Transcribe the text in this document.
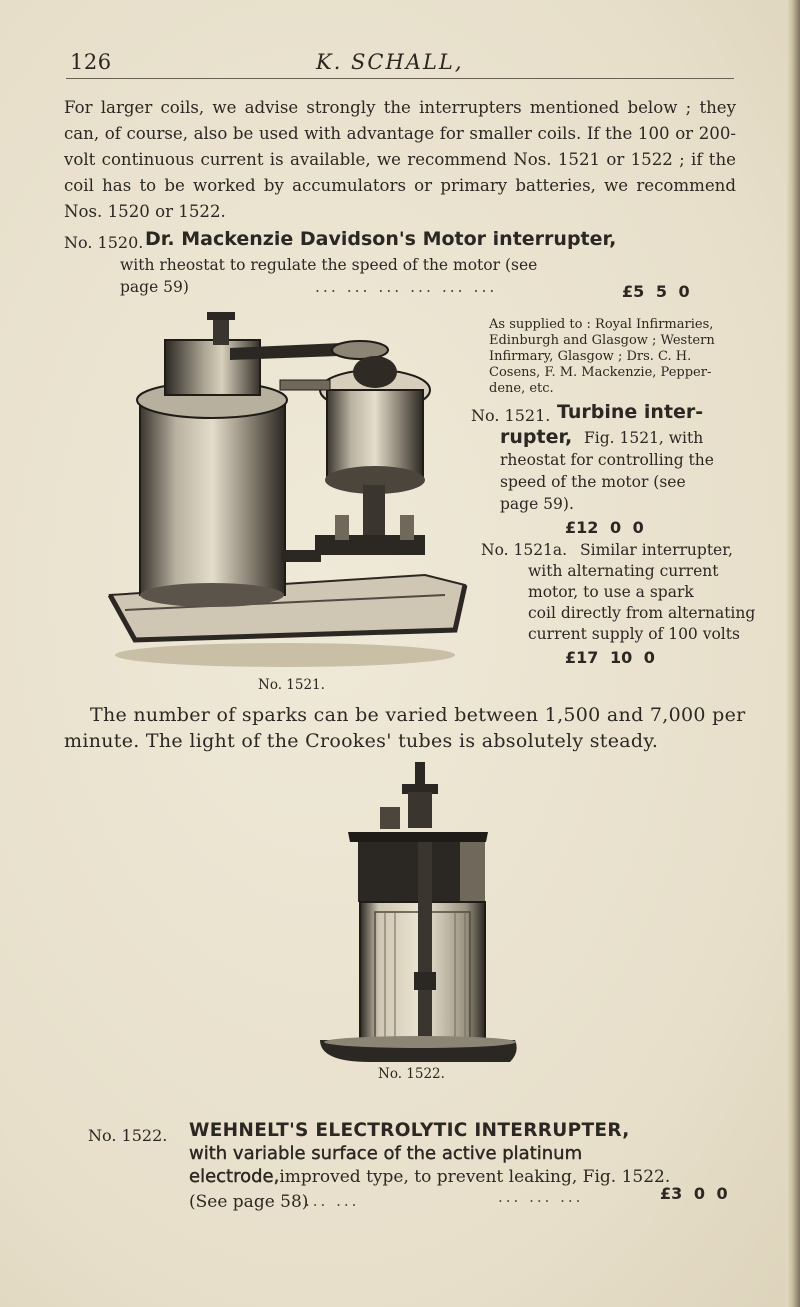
126	K. SCHALL,
For larger coils, we advise strongly the interrupters mentioned below ; they can, of course, also be used with advantage for smaller coils. If the 100 or 200-volt continuous current is available, we recommend Nos. 1521 or 1522 ; if the coil has to be worked by accumulators or primary batteries, we recommend Nos. 1520 or 1522.
No. 1520. Dr. Mackenzie Davidson's Motor interrupter,
with rheostat to regulate the speed of the motor (see
page 59)	... ... ... ... ... ...	£5 5 0
No. 1521.
As supplied to : Royal Infirmaries,
Edinburgh and Glasgow ; Western
Infirmary, Glasgow ; Drs. C. H.
Cosens, F. M. Mackenzie, Pepper-
dene, etc.
No. 1521. Turbine inter-
rupter, Fig. 1521, with
rheostat for controlling the
speed of the motor (see
page 59).
£12 0 0
No. 1521a. Similar interrupter,
with alternating current
motor, to use a spark
coil directly from alternating
current supply of 100 volts
£17 10 0
The number of sparks can be varied between 1,500 and 7,000 per
minute. The light of the Crookes' tubes is absolutely steady.
No. 1522.
No. 1522. WEHNELT'S ELECTROLYTIC INTERRUPTER,
with variable surface of the active platinum
electrode,improved type, to prevent leaking, Fig. 1522.
(See page 58)
... ...	... ... ...	£3 0 0
